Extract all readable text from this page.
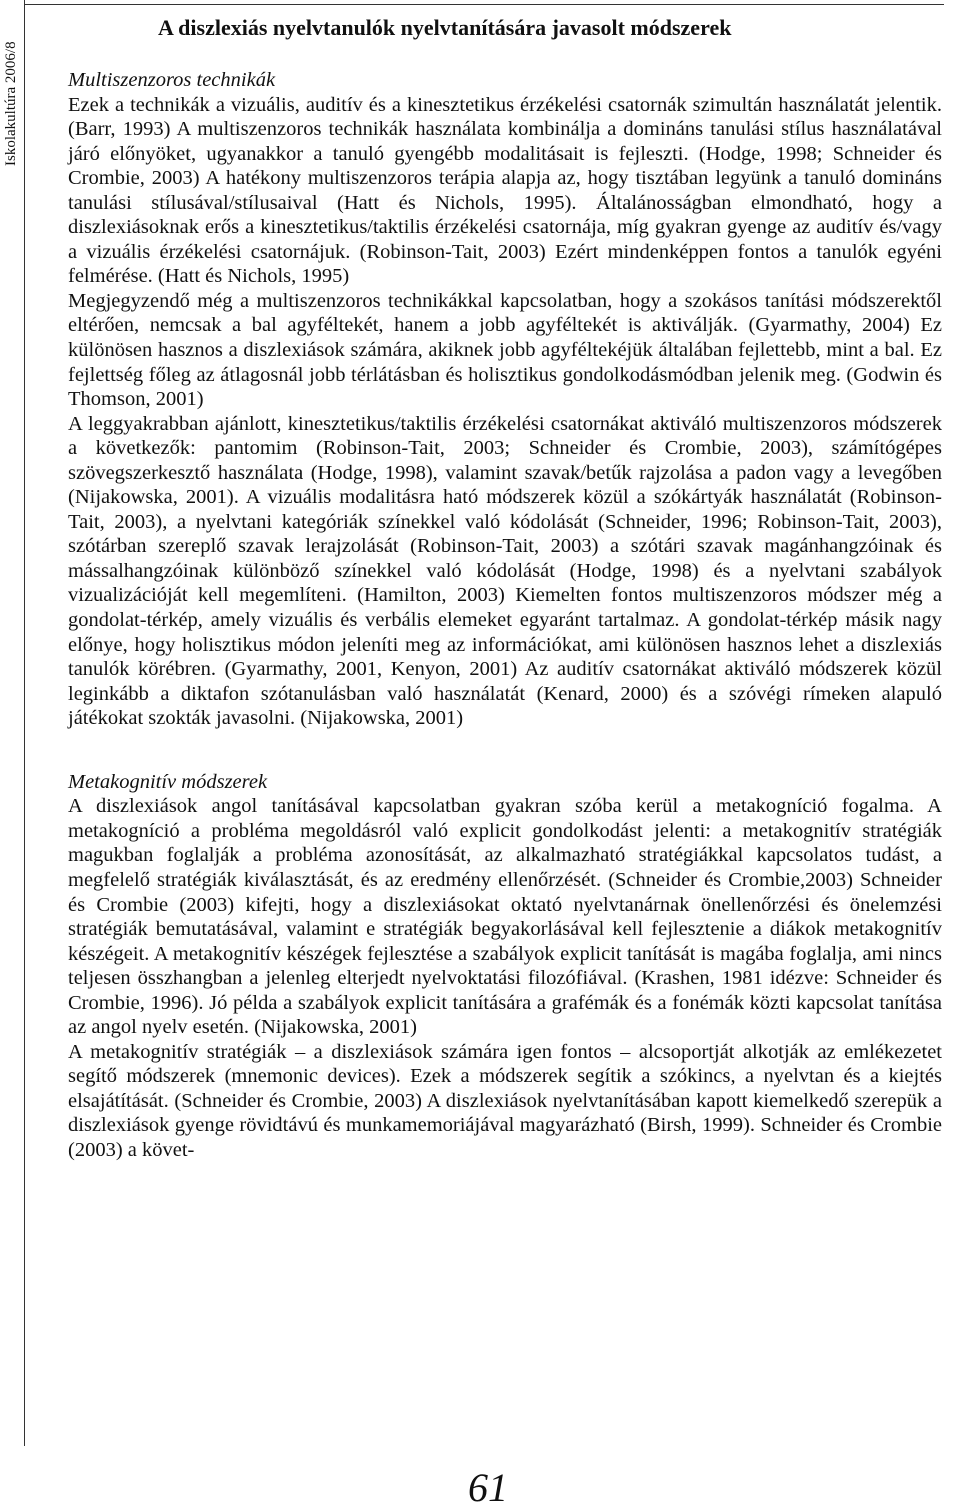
Iskolakultúra 2006/8
A diszlexiás nyelvtanulók nyelvtanítására javasolt módszerek

Multiszenzoros technikák

Ezek a technikák a vizuális, auditív és a kinesztetikus érzékelési csatornák szimultán használatát jelentik. (Barr, 1993) A multiszenzoros technikák használata kombinálja a domináns tanulási stílus használatával járó előnyöket, ugyanakkor a tanuló gyengébb modalitásait is fejleszti. (Hodge, 1998; Schneider és Crombie, 2003) A hatékony multiszenzoros terápia alapja az, hogy tisztában legyünk a tanuló domináns tanulási stílusával/stílusaival (Hatt és Nichols, 1995). Általánosságban elmondható, hogy a diszlexiásoknak erős a kinesztetikus/taktilis érzékelési csatornája, míg gyakran gyenge az auditív és/vagy a vizuális érzékelési csatornájuk. (Robinson-Tait, 2003) Ezért mindenképpen fontos a tanulók egyéni felmérése. (Hatt és Nichols, 1995)

Megjegyzendő még a multiszenzoros technikákkal kapcsolatban, hogy a szokásos tanítási módszerektől eltérően, nemcsak a bal agyféltekét, hanem a jobb agyféltekét is aktiválják. (Gyarmathy, 2004) Ez különösen hasznos a diszlexiások számára, akiknek jobb agyféltekéjük általában fejlettebb, mint a bal. Ez fejlettség főleg az átlagosnál jobb térlátásban és holisztikus gondolkodásmódban jelenik meg. (Godwin és Thomson, 2001)

A leggyakrabban ajánlott, kinesztetikus/taktilis érzékelési csatornákat aktiváló multiszenzoros módszerek a következők: pantomim (Robinson-Tait, 2003; Schneider és Crombie, 2003), számítógépes szövegszerkesztő használata (Hodge, 1998), valamint szavak/betűk rajzolása a padon vagy a levegőben (Nijakowska, 2001). A vizuális modalitásra ható módszerek közül a szókártyák használatát (Robinson-Tait, 2003), a nyelvtani kategóriák színekkel való kódolását (Schneider, 1996; Robinson-Tait, 2003), szótárban szereplő szavak lerajzolását (Robinson-Tait, 2003) a szótári szavak magánhangzóinak és mássalhangzóinak különböző színekkel való kódolását (Hodge, 1998) és a nyelvtani szabályok vizualizációját kell megemlíteni. (Hamilton, 2003) Kiemelten fontos multiszenzoros módszer még a gondolat-térkép, amely vizuális és verbális elemeket egyaránt tartalmaz. A gondolat-térkép másik nagy előnye, hogy holisztikus módon jeleníti meg az információkat, ami különösen hasznos lehet a diszlexiás tanulók körébren. (Gyarmathy, 2001, Kenyon, 2001) Az auditív csatornákat aktiváló módszerek közül leginkább a diktafon szótanulásban való használatát (Kenard, 2000) és a szóvégi rímeken alapuló játékokat szokták javasolni. (Nijakowska, 2001)

Metakognitív módszerek

A diszlexiások angol tanításával kapcsolatban gyakran szóba kerül a metakogníció fogalma. A metakogníció a probléma megoldásról való explicit gondolkodást jelenti: a metakognitív stratégiák magukban foglalják a probléma azonosítását, az alkalmazható stratégiákkal kapcsolatos tudást, a megfelelő stratégiák kiválasztását, és az eredmény ellenőrzését. (Schneider és Crombie,2003) Schneider és Crombie (2003) kifejti, hogy a diszlexiásokat oktató nyelvtanárnak önellenőrzési és önelemzési stratégiák bemutatásával, valamint e stratégiák begyakorlásával kell fejlesztenie a diákok metakognitív készégeit. A metakognitív készégek fejlesztése a szabályok explicit tanítását is magába foglalja, ami nincs teljesen összhangban a jelenleg elterjedt nyelvoktatási filozófiával. (Krashen, 1981 idézve: Schneider és Crombie, 1996). Jó példa a szabályok explicit tanítására a grafémák és a fonémák közti kapcsolat tanítása az angol nyelv esetén. (Nijakowska, 2001)

A metakognitív stratégiák – a diszlexiások számára igen fontos – alcsoportját alkotják az emlékezetet segítő módszerek (mnemonic devices). Ezek a módszerek segítik a szókincs, a nyelvtan és a kiejtés elsajátítását. (Schneider és Crombie, 2003) A diszlexiások nyelvtanításában kapott kiemelkedő szerepük a diszlexiások gyenge rövidtávú és munkamemoriájával magyarázható (Birsh, 1999). Schneider és Crombie (2003) a követ-

61
